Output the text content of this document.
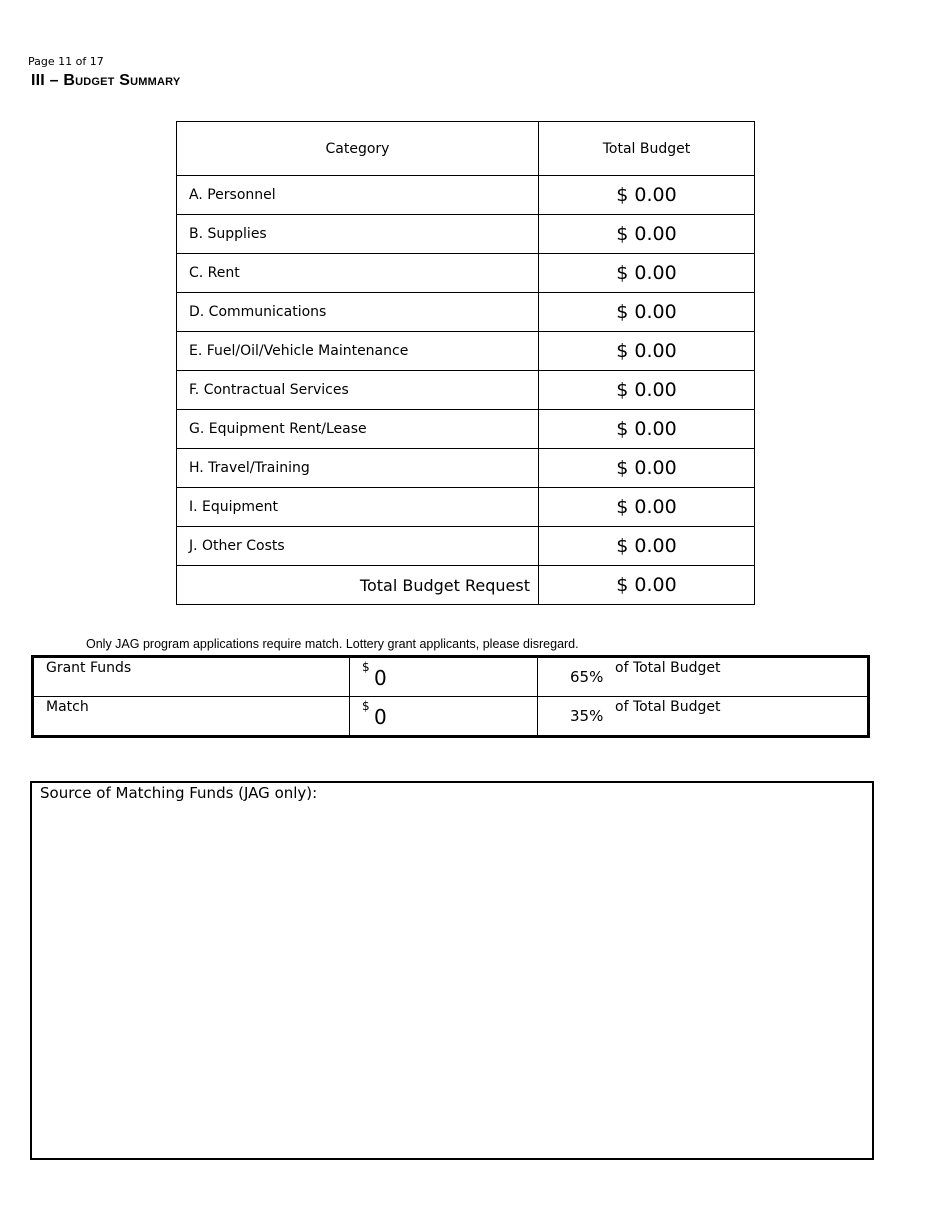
Page 11 of 17
III – Budget Summary
Category	Total Budget
A. Personnel	$ 0.00
B. Supplies	$ 0.00
C. Rent	$ 0.00
D. Communications	$ 0.00
E. Fuel/Oil/Vehicle Maintenance	$ 0.00
F. Contractual Services	$ 0.00
G. Equipment Rent/Lease	$ 0.00
H. Travel/Training	$ 0.00
I. Equipment	$ 0.00
J. Other Costs	$ 0.00
Total Budget Request	$ 0.00
Only JAG program applications require match. Lottery grant applicants, please disregard.
Grant Funds	$ 0	65% of Total Budget

Match	$ 0	35% of Total Budget
Source of Matching Funds (JAG only):
